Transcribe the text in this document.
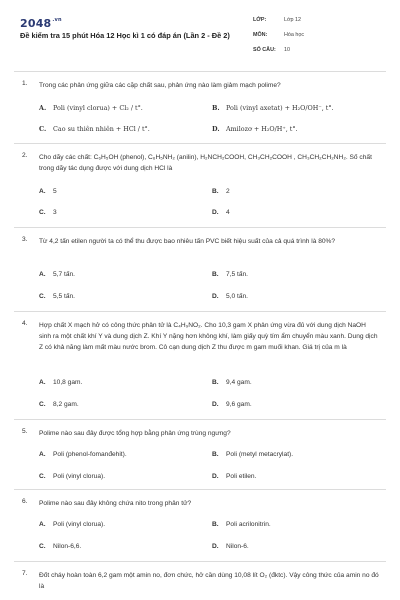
$2048^{.vn}$
Đề kiểm tra 15 phút Hóa 12 Học kì 1 có đáp án (Lần 2 - Đề 2)
LỚP:	Lớp 12
MÔN:	Hóa học
SỐ CÂU: 10
1. Trong các phản ứng giữa các cặp chất sau, phản ứng nào làm giảm mạch polime?
A. Poli (vinyl clorua) + Cl₂ / t°.	B. Poli (vinyl axetat) + H₂O/OH⁻, t°.
C. Cao su thiên nhiên + HCl / t°.	D. Amilozơ + H₂O/H⁺, t°.
2. Cho dãy các chất: C₆H₅OH (phenol), C₆H₅NH₂ (anilin), H₂NCH₂COOH, CH₃CH₂COOH , CH₃CH₂CH₂NH₂. Số chất trong dãy tác dụng được với dung dịch HCl là
A. 5	B. 2
C. 3	D. 4
3. Từ 4,2 tấn etilen người ta có thể thu được bao nhiêu tấn PVC biết hiệu suất của cả quá trình là 80%?
A. 5,7 tấn.	B. 7,5 tấn.
C. 5,5 tấn.	D. 5,0 tấn.
4. Hợp chất X mạch hở có công thức phân tử là C₄H₉NO₂. Cho 10,3 gam X phản ứng vừa đủ với dung dịch NaOH sinh ra một chất khí Y và dung dịch Z. Khí Y nặng hơn không khí, làm giấy quỳ tím ẩm chuyển màu xanh. Dung dịch Z có khả năng làm mất màu nước brom. Cô cạn dung dịch Z thu được m gam muối khan. Giá trị của m là
A. 10,8 gam.	B. 9,4 gam.
C. 8,2 gam.	D. 9,6 gam.
5. Polime nào sau đây được tổng hợp bằng phản ứng trùng ngưng?
A. Poli (phenol-fomanđehit).	B. Poli (metyl metacrylat).
C. Poli (vinyl clorua).	D. Poli etilen.
6. Polime nào sau đây không chứa nito trong phân tử?
A. Poli (vinyl clorua).	B. Poli acrilonitrin.
C. Nilon-6,6.	D. Nilon-6.
7. Đốt cháy hoàn toàn 6,2 gam một amin no, đơn chức, hở cần dùng 10,08 lít O₂ (đktc). Vậy công thức của amin no đó là
